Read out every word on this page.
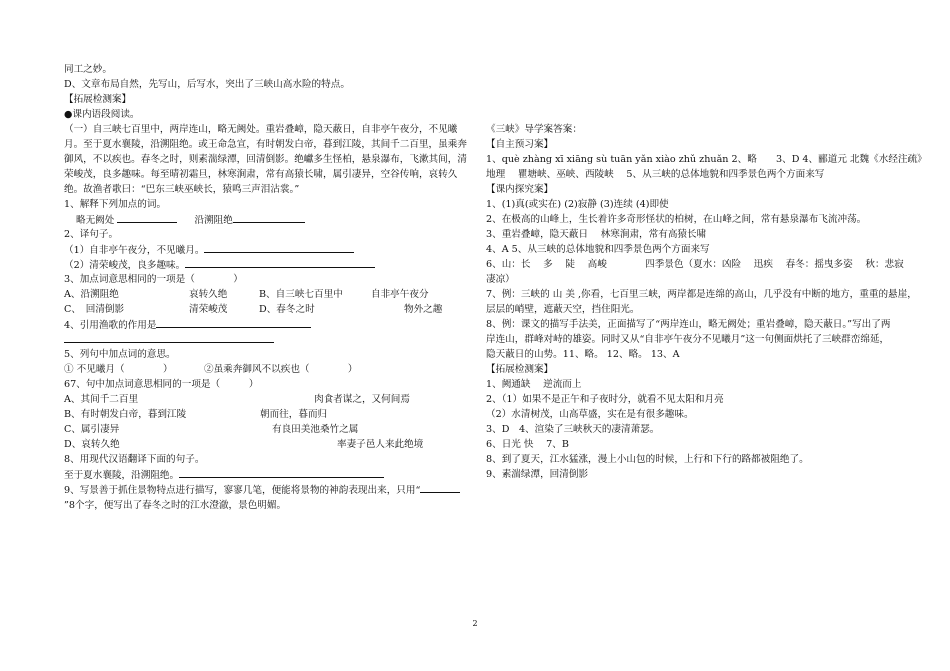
同工之妙。
D、文章布局自然，先写山，后写水，突出了三峡山高水险的特点。
【拓展检测案】
●课内语段阅读。
（一）自三峡七百里中，两岸连山，略无阙处。重岩叠嶂，隐天蔽日，自非亭午夜分，不见曦月。至于夏水襄陵，沿溯阻绝。或王命急宣，有时朝发白帝，暮到江陵，其间千二百里，虽乘奔御风，不以疾也。春冬之时，则素湍绿潭，回清倒影。绝巘多生怪柏，悬泉瀑布，飞漱其间，清荣峻茂，良多趣味。每至晴初霜旦，林寒涧肃，常有高猿长啸，属引凄异，空谷传响，哀转久绝。故渔者歌曰：“巴东三峡巫峡长，猿鸣三声泪沾裳。”
1、解释下列加点的词。
略无阙处	沿溯阻绝
2、译句子。
（1）自非亭午夜分，不见曦月。
（2）清荣峻茂，良多趣味。
3、加点词意思相同的一项是（　　　　）
A、沿溯阻绝	哀转久绝	B、自三峡七百里中	自非亭午夜分
C、　回清倒影	清荣峻茂	D、春冬之时	物外之趣
4、引用渔歌的作用是
5、列句中加点词的意思。
① 不见曦月（　　　　）	②虽乘奔御风不以疾也（　　　　）
67、句中加点词意思相同的一项是（　　　）
A、其间千二百里	肉食者谋之，又何间焉
B、有时朝发白帝，暮到江陵	朝而往，暮而归
C、属引凄异	有良田美池桑竹之属
D、哀转久绝	率妻子邑人来此绝境
8、用现代汉语翻译下面的句子。
至于夏水襄陵，沿溯阻绝。
9、写景善于抓住景物特点进行描写，寥寥几笔，便能将景物的神韵表现出来，只用“”8个字，便写出了春冬之时的江水澄澈，景色明媚。
《三峡》导学案答案：
【自主预习案】
1、què zhàng xī xiāng sù tuān yǎn xiào zhǔ zhuǎn 2、略　　3、D 4、郦道元 北魏《水经注疏》
地理　 瞿塘峡、巫峡、西陵峡　 5、从三峡的总体地貌和四季景色两个方面来写
【课内探究案】
1、(1)真(或实在) (2)寂静 (3)连续 (4)即使
2、在极高的山峰上，生长着许多奇形怪状的柏树，在山峰之间，常有悬泉瀑布飞流冲荡。
3、重岩叠嶂，隐天蔽日　 林寒涧肃，常有高猿长啸
4、A 5、从三峡的总体地貌和四季景色两个方面来写
6、山：长　 多　 陡　 高峻　　　　四季景色（夏水：凶险　 迅疾　 春冬：摇曳多姿　 秋：悲寂
凄凉）
7、例：三峡的 山 美 ,你看，七百里三峡，两岸都是连绵的高山，几乎没有中断的地方，重重的悬崖，
层层的峭壁，遮蔽天空，挡住阳光。
8、例：课文的描写手法美，正面描写了“两岸连山，略无阙处；重岩叠嶂，隐天蔽日。”写出了两
岸连山，群峰对峙的雄姿。同时又从“自非亭午夜分不见曦月”这一句侧面烘托了三峡群峦绵延，
隐天蔽日的山势。11、略。 12、略。 13、A
【拓展检测案】
1、阙通缺　 逆流而上
2、（1）如果不是正午和子夜时分，就看不见太阳和月亮
（2）水清树茂，山高草盛，实在是有很多趣味。
3、D　4、渲染了三峡秋天的凄清萧瑟。
6、日光 快　 7、B
8、到了夏天，江水猛涨，漫上小山包的时候，上行和下行的路都被阻绝了。
9、素湍绿潭，回清倒影
2
